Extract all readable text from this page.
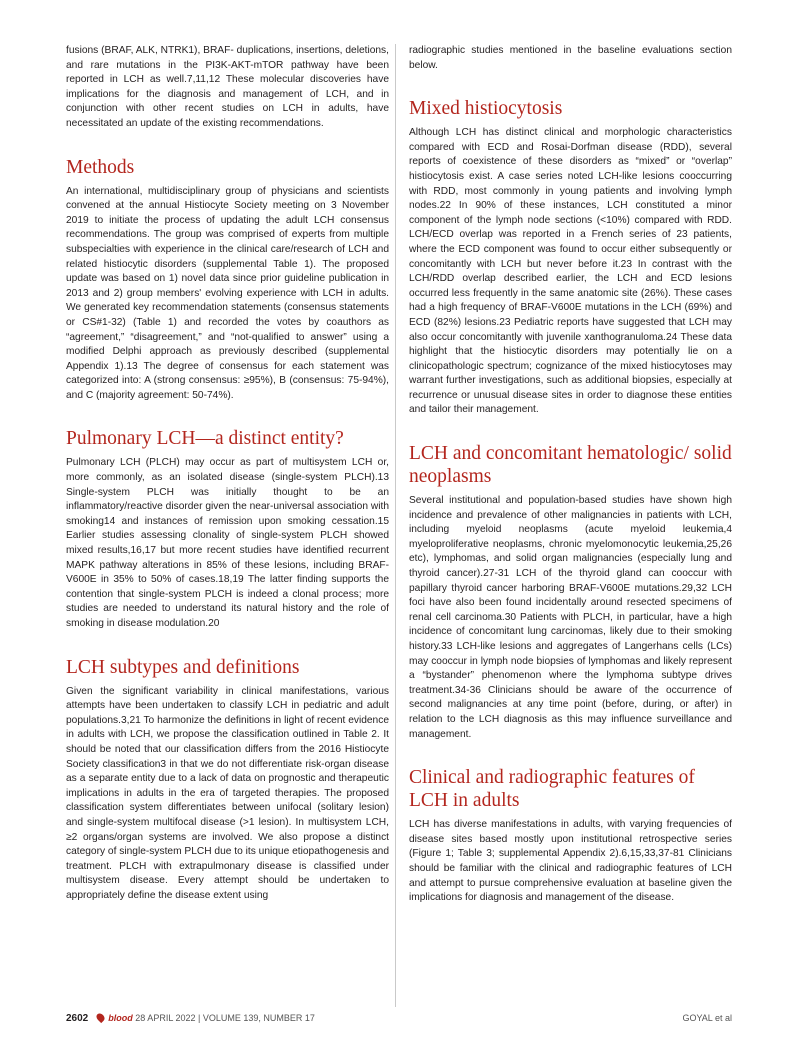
fusions (BRAF, ALK, NTRK1), BRAF- duplications, insertions, deletions, and rare mutations in the PI3K-AKT-mTOR pathway have been reported in LCH as well.7,11,12 These molecular discoveries have implications for the diagnosis and management of LCH, and in conjunction with other recent studies on LCH in adults, have necessitated an update of the existing recommendations.

Methods

An international, multidisciplinary group of physicians and scientists convened at the annual Histiocyte Society meeting on 3 November 2019 to initiate the process of updating the adult LCH consensus recommendations. The group was comprised of experts from multiple subspecialties with experience in the clinical care/research of LCH and related histiocytic disorders (supplemental Table 1). The proposed update was based on 1) novel data since prior guideline publication in 2013 and 2) group members' evolving experience with LCH in adults. We generated key recommendation statements (consensus statements or CS#1-32) (Table 1) and recorded the votes by coauthors as “agreement,” “disagreement,” and “not-qualified to answer” using a modified Delphi approach as previously described (supplemental Appendix 1).13 The degree of consensus for each statement was categorized into: A (strong consensus: ≥95%), B (consensus: 75-94%), and C (majority agreement: 50-74%).

Pulmonary LCH—a distinct entity?

Pulmonary LCH (PLCH) may occur as part of multisystem LCH or, more commonly, as an isolated disease (single-system PLCH).13 Single-system PLCH was initially thought to be an inflammatory/reactive disorder given the near-universal association with smoking14 and instances of remission upon smoking cessation.15 Earlier studies assessing clonality of single-system PLCH showed mixed results,16,17 but more recent studies have identified recurrent MAPK pathway alterations in 85% of these lesions, including BRAF-V600E in 35% to 50% of cases.18,19 The latter finding supports the contention that single-system PLCH is indeed a clonal process; more studies are needed to understand its natural history and the role of smoking in disease modulation.20

LCH subtypes and definitions

Given the significant variability in clinical manifestations, various attempts have been undertaken to classify LCH in pediatric and adult populations.3,21 To harmonize the definitions in light of recent evidence in adults with LCH, we propose the classification outlined in Table 2. It should be noted that our classification differs from the 2016 Histiocyte Society classification3 in that we do not differentiate risk-organ disease as a separate entity due to a lack of data on prognostic and therapeutic implications in adults in the era of targeted therapies. The proposed classification system differentiates between unifocal (solitary lesion) and single-system multifocal disease (>1 lesion). In multisystem LCH, ≥2 organs/organ systems are involved. We also propose a distinct category of single-system PLCH due to its unique etiopathogenesis and treatment. PLCH with extrapulmonary disease is classified under multisystem disease. Every attempt should be undertaken to appropriately define the disease extent using

radiographic studies mentioned in the baseline evaluations section below.

Mixed histiocytosis

Although LCH has distinct clinical and morphologic characteristics compared with ECD and Rosai-Dorfman disease (RDD), several reports of coexistence of these disorders as “mixed” or “overlap” histiocytosis exist. A case series noted LCH-like lesions cooccurring with RDD, most commonly in young patients and involving lymph nodes.22 In 90% of these instances, LCH constituted a minor component of the lymph node sections (<10%) compared with RDD. LCH/ECD overlap was reported in a French series of 23 patients, where the ECD component was found to occur either subsequently or concomitantly with LCH but never before it.23 In contrast with the LCH/RDD overlap described earlier, the LCH and ECD lesions occurred less frequently in the same anatomic site (26%). These cases had a high frequency of BRAF-V600E mutations in the LCH (69%) and ECD (82%) lesions.23 Pediatric reports have suggested that LCH may also occur concomitantly with juvenile xanthogranuloma.24 These data highlight that the histiocytic disorders may potentially lie on a clinicopathologic spectrum; cognizance of the mixed histiocytoses may warrant further investigations, such as additional biopsies, especially at recurrence or unusual disease sites in order to diagnose these entities and tailor their management.

LCH and concomitant hematologic/ solid neoplasms

Several institutional and population-based studies have shown high incidence and prevalence of other malignancies in patients with LCH, including myeloid neoplasms (acute myeloid leukemia,4 myeloproliferative neoplasms, chronic myelomonocytic leukemia,25,26 etc), lymphomas, and solid organ malignancies (especially lung and thyroid cancer).27-31 LCH of the thyroid gland can cooccur with papillary thyroid cancer harboring BRAF-V600E mutations.29,32 LCH foci have also been found incidentally around resected specimens of renal cell carcinoma.30 Patients with PLCH, in particular, have a high incidence of concomitant lung carcinomas, likely due to their smoking history.33 LCH-like lesions and aggregates of Langerhans cells (LCs) may cooccur in lymph node biopsies of lymphomas and likely represent a “bystander” phenomenon where the lymphoma subtype drives treatment.34-36 Clinicians should be aware of the occurrence of second malignancies at any time point (before, during, or after) in relation to the LCH diagnosis as this may influence surveillance and management.

Clinical and radiographic features of LCH in adults

LCH has diverse manifestations in adults, with varying frequencies of disease sites based mostly upon institutional retrospective series (Figure 1; Table 3; supplemental Appendix 2).6,15,33,37-81 Clinicians should be familiar with the clinical and radiographic features of LCH and attempt to pursue comprehensive evaluation at baseline given the implications for diagnosis and management of the disease.

2602 blood 28 APRIL 2022 | VOLUME 139, NUMBER 17	GOYAL et al
